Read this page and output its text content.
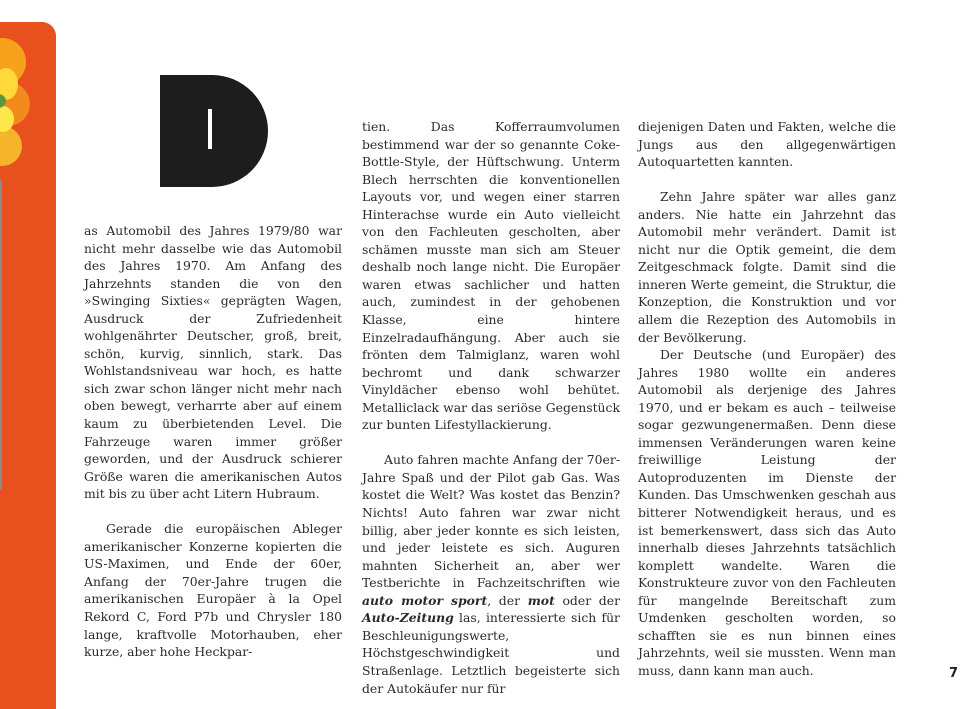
as Automobil des Jahres 1979/80 war nicht mehr dasselbe wie das Automobil des Jahres 1970. Am Anfang des Jahrzehnts standen die von den »Swinging Sixties« geprägten Wagen, Ausdruck der Zufriedenheit wohlgenährter Deutscher, groß, breit, schön, kurvig, sinnlich, stark. Das Wohlstandsniveau war hoch, es hatte sich zwar schon länger nicht mehr nach oben bewegt, verharrte aber auf einem kaum zu überbietenden Level. Die Fahrzeuge waren immer größer geworden, und der Ausdruck schierer Größe waren die amerikanischen Autos mit bis zu über acht Litern Hubraum.

Gerade die europäischen Ableger amerikanischer Konzerne kopierten die US-Maximen, und Ende der 60er, Anfang der 70er-Jahre trugen die amerikanischen Europäer à la Opel Rekord C, Ford P7b und Chrysler 180 lange, kraftvolle Motorhauben, eher kurze, aber hohe Heckpar-

tien. Das Kofferraumvolumen bestimmend war der so genannte Coke-Bottle-Style, der Hüftschwung. Unterm Blech herrschten die konventionellen Layouts vor, und wegen einer starren Hinterachse wurde ein Auto vielleicht von den Fachleuten gescholten, aber schämen musste man sich am Steuer deshalb noch lange nicht. Die Europäer waren etwas sachlicher und hatten auch, zumindest in der gehobenen Klasse, eine hintere Einzelradaufhängung. Aber auch sie frönten dem Talmiglanz, waren wohl bechromt und dank schwarzer Vinyldächer ebenso wohl behütet. Metalliclack war das seriöse Gegenstück zur bunten Lifestyllackierung.

Auto fahren machte Anfang der 70er-Jahre Spaß und der Pilot gab Gas. Was kostet die Welt? Was kostet das Benzin? Nichts! Auto fahren war zwar nicht billig, aber jeder konnte es sich leisten, und jeder leistete es sich. Auguren mahnten Sicherheit an, aber wer Testberichte in Fachzeitschriften wie auto motor sport, der mot oder der Auto-Zeitung las, interessierte sich für Beschleunigungswerte, Höchstgeschwindigkeit und Straßenlage. Letztlich begeisterte sich der Autokäufer nur für

diejenigen Daten und Fakten, welche die Jungs aus den allgegenwärtigen Autoquartetten kannten.

Zehn Jahre später war alles ganz anders. Nie hatte ein Jahrzehnt das Automobil mehr verändert. Damit ist nicht nur die Optik gemeint, die dem Zeitgeschmack folgte. Damit sind die inneren Werte gemeint, die Struktur, die Konzeption, die Konstruktion und vor allem die Rezeption des Automobils in der Bevölkerung.

Der Deutsche (und Europäer) des Jahres 1980 wollte ein anderes Automobil als derjenige des Jahres 1970, und er bekam es auch – teilweise sogar gezwungenermaßen. Denn diese immensen Veränderungen waren keine freiwillige Leistung der Autoproduzenten im Dienste der Kunden. Das Umschwenken geschah aus bitterer Notwendigkeit heraus, und es ist bemerkenswert, dass sich das Auto innerhalb dieses Jahrzehnts tatsächlich komplett wandelte. Waren die Konstrukteure zuvor von den Fachleuten für mangelnde Bereitschaft zum Umdenken gescholten worden, so schafften sie es nun binnen eines Jahrzehnts, weil sie mussten. Wenn man muss, dann kann man auch.	7
